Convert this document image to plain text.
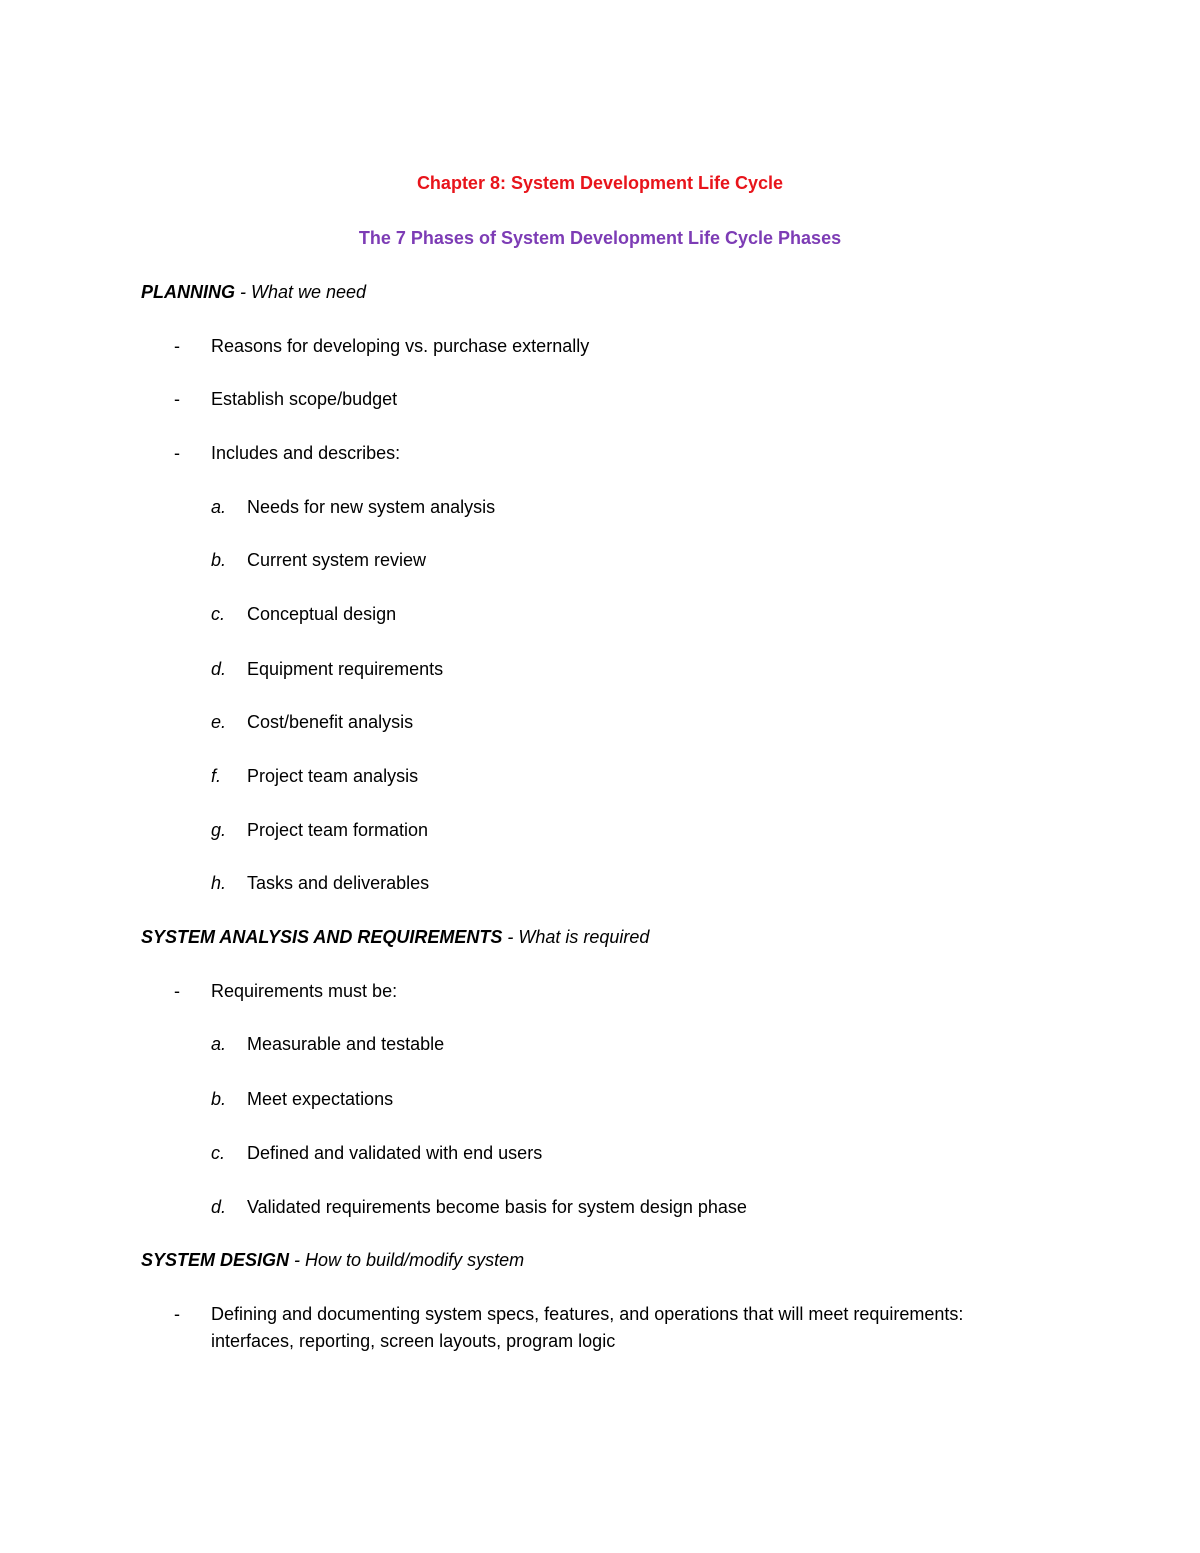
Chapter 8: System Development Life Cycle
The 7 Phases of System Development Life Cycle Phases
PLANNING - What we need
- Reasons for developing vs. purchase externally
- Establish scope/budget
- Includes and describes:
a. Needs for new system analysis
b. Current system review
c. Conceptual design
d. Equipment requirements
e. Cost/benefit analysis
f. Project team analysis
g. Project team formation
h. Tasks and deliverables
SYSTEM ANALYSIS AND REQUIREMENTS - What is required
- Requirements must be:
a. Measurable and testable
b. Meet expectations
c. Defined and validated with end users
d. Validated requirements become basis for system design phase
SYSTEM DESIGN - How to build/modify system
- Defining and documenting system specs, features, and operations that will meet requirements:
interfaces, reporting, screen layouts, program logic
